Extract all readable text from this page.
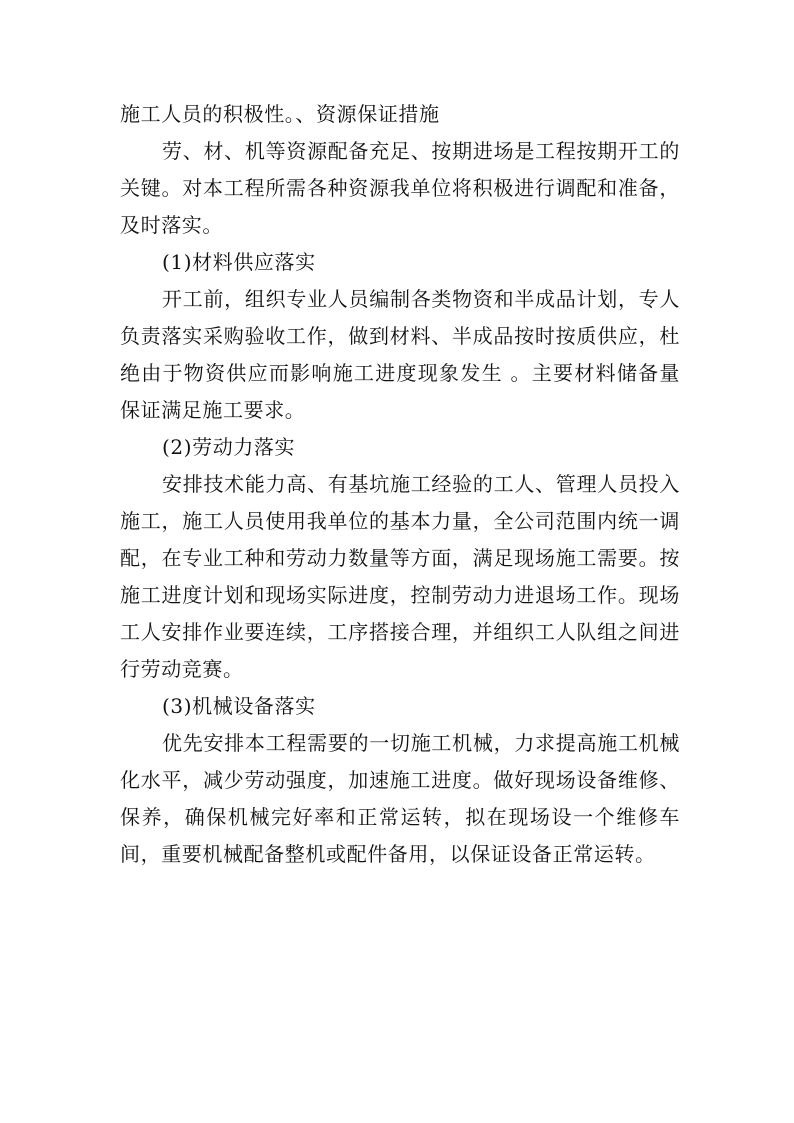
施工人员的积极性。、资源保证措施

劳、材、机等资源配备充足、按期进场是工程按期开工的关键。对本工程所需各种资源我单位将积极进行调配和准备，及时落实。

(1)材料供应落实

开工前，组织专业人员编制各类物资和半成品计划，专人负责落实采购验收工作，做到材料、半成品按时按质供应，杜绝由于物资供应而影响施工进度现象发生 。主要材料储备量保证满足施工要求。

(2)劳动力落实

安排技术能力高、有基坑施工经验的工人、管理人员投入施工，施工人员使用我单位的基本力量，全公司范围内统一调配，在专业工种和劳动力数量等方面，满足现场施工需要。按施工进度计划和现场实际进度，控制劳动力进退场工作。现场工人安排作业要连续，工序搭接合理，并组织工人队组之间进行劳动竞赛。

(3)机械设备落实

优先安排本工程需要的一切施工机械，力求提高施工机械化水平，减少劳动强度，加速施工进度。做好现场设备维修、保养，确保机械完好率和正常运转，拟在现场设一个维修车间，重要机械配备整机或配件备用，以保证设备正常运转。
